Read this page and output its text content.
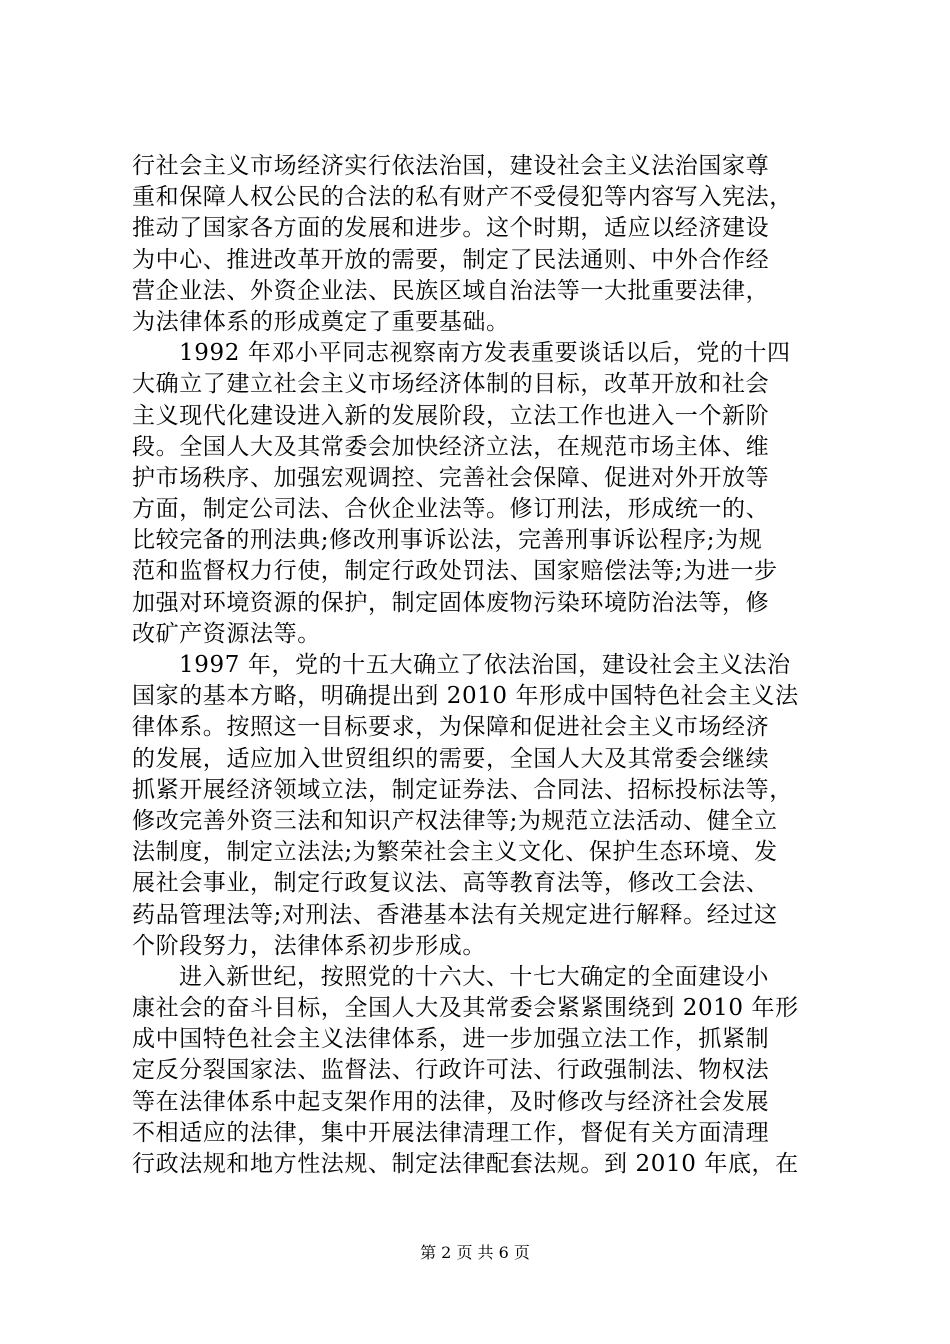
行社会主义市场经济实行依法治国，建设社会主义法治国家尊
重和保障人权公民的合法的私有财产不受侵犯等内容写入宪法，
推动了国家各方面的发展和进步。这个时期，适应以经济建设
为中心、推进改革开放的需要，制定了民法通则、中外合作经
营企业法、外资企业法、民族区域自治法等一大批重要法律，
为法律体系的形成奠定了重要基础。
1992 年邓小平同志视察南方发表重要谈话以后，党的十四
大确立了建立社会主义市场经济体制的目标，改革开放和社会
主义现代化建设进入新的发展阶段，立法工作也进入一个新阶
段。全国人大及其常委会加快经济立法，在规范市场主体、维
护市场秩序、加强宏观调控、完善社会保障、促进对外开放等
方面，制定公司法、合伙企业法等。修订刑法，形成统一的、
比较完备的刑法典;修改刑事诉讼法，完善刑事诉讼程序;为规
范和监督权力行使，制定行政处罚法、国家赔偿法等;为进一步
加强对环境资源的保护，制定固体废物污染环境防治法等，修
改矿产资源法等。
1997 年，党的十五大确立了依法治国，建设社会主义法治
国家的基本方略，明确提出到 2010 年形成中国特色社会主义法
律体系。按照这一目标要求，为保障和促进社会主义市场经济
的发展，适应加入世贸组织的需要，全国人大及其常委会继续
抓紧开展经济领域立法，制定证券法、合同法、招标投标法等，
修改完善外资三法和知识产权法律等;为规范立法活动、健全立
法制度，制定立法法;为繁荣社会主义文化、保护生态环境、发
展社会事业，制定行政复议法、高等教育法等，修改工会法、
药品管理法等;对刑法、香港基本法有关规定进行解释。经过这
个阶段努力，法律体系初步形成。
进入新世纪，按照党的十六大、十七大确定的全面建设小
康社会的奋斗目标，全国人大及其常委会紧紧围绕到 2010 年形
成中国特色社会主义法律体系，进一步加强立法工作，抓紧制
定反分裂国家法、监督法、行政许可法、行政强制法、物权法
等在法律体系中起支架作用的法律，及时修改与经济社会发展
不相适应的法律，集中开展法律清理工作，督促有关方面清理
行政法规和地方性法规、制定法律配套法规。到 2010 年底，在
第 2 页 共 6 页
